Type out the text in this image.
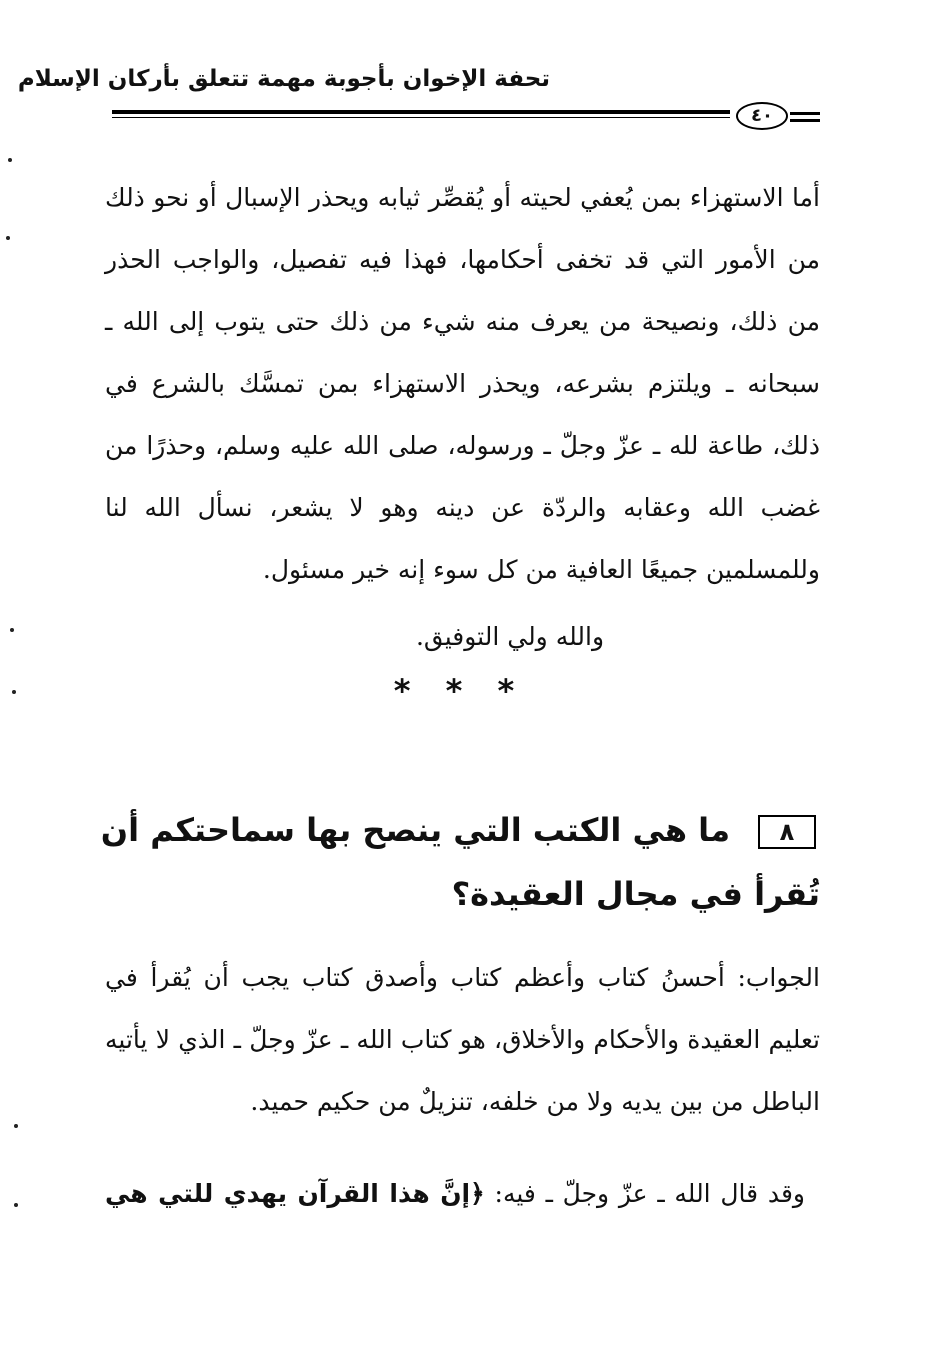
تحفة الإخوان بأجوبة مهمة تتعلق بأركان الإسلام
٤٠
أما الاستهزاء بمن يُعفي لحيته أو يُقصِّر ثيابه ويحذر الإسبال أو نحو ذلك من الأمور التي قد تخفى أحكامها، فهذا فيه تفصيل، والواجب الحذر من ذلك، ونصيحة من يعرف منه شيء من ذلك حتى يتوب إلى الله ـ سبحانه ـ ويلتزم بشرعه، ويحذر الاستهزاء بمن تمسَّك بالشرع في ذلك، طاعة لله ـ عزّ وجلّ ـ ورسوله، صلى الله عليه وسلم، وحذرًا من غضب الله وعقابه والردّة عن دينه وهو لا يشعر، نسأل الله لنا وللمسلمين جميعًا العافية من كل سوء إنه خير مسئول.
والله ولي التوفيق.
* * *
٨ما هي الكتب التي ينصح بها سماحتكم أن تُقرأ في مجال العقيدة؟
الجواب: أحسنُ كتاب وأعظم كتاب وأصدق كتاب يجب أن يُقرأ في تعليم العقيدة والأحكام والأخلاق، هو كتاب الله ـ عزّ وجلّ ـ الذي لا يأتيه الباطل من بين يديه ولا من خلفه، تنزيلٌ من حكيم حميد.
وقد قال الله ـ عزّ وجلّ ـ فيه: ﴿إنَّ هذا القرآن يهدي للتي هي
